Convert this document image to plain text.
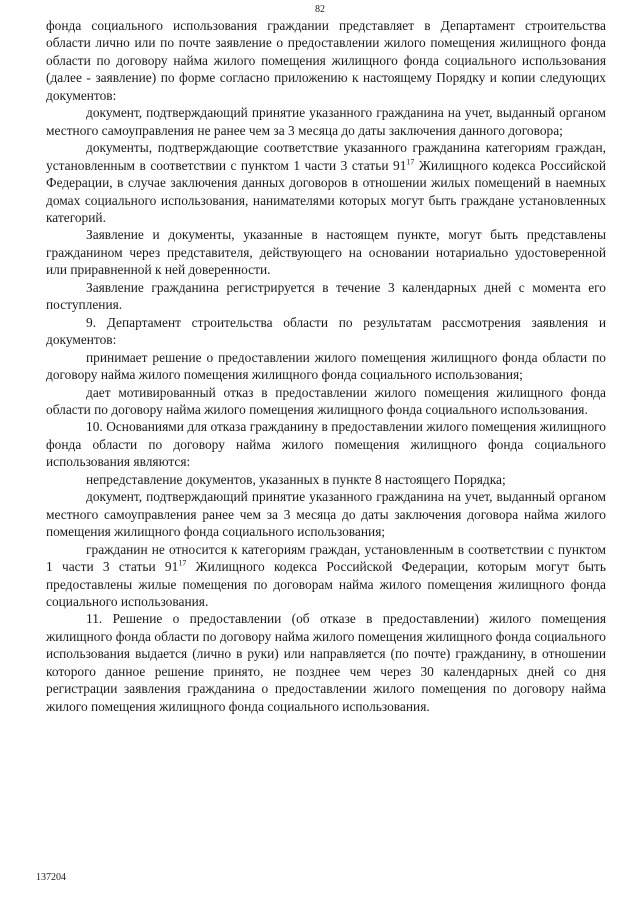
82

фонда социального использования граждании представляет в Департамент строительства области лично или по почте заявление о предоставлении жилого помещения жилищного фонда области по договору найма жилого помещения жилищного фонда социального использования (далее - заявление) по форме согласно приложению к настоящему Порядку и копии следующих документов:

документ, подтверждающий принятие указанного гражданина на учет, выданный органом местного самоуправления не ранее чем за 3 месяца до даты заключения данного договора;

документы, подтверждающие соответствие указанного гражданина категориям граждан, установленным в соответствии с пунктом 1 части 3 статьи $91^{17}$ Жилищного кодекса Российской Федерации, в случае заключения данных договоров в отношении жилых помещений в наемных домах социального использования, нанимателями которых могут быть граждане установленных категорий.

Заявление и документы, указанные в настоящем пункте, могут быть представлены гражданином через представителя, действующего на основании нотариально удостоверенной или приравненной к ней доверенности.

Заявление гражданина регистрируется в течение 3 календарных дней с момента его поступления.

9. Департамент строительства области по результатам рассмотрения заявления и документов:

принимает решение о предоставлении жилого помещения жилищного фонда области по договору найма жилого помещения жилищного фонда социального использования;

дает мотивированный отказ в предоставлении жилого помещения жилищного фонда области по договору найма жилого помещения жилищного фонда социального использования.

10. Основаниями для отказа гражданину в предоставлении жилого помещения жилищного фонда области по договору найма жилого помещения жилищного фонда социального использования являются:

непредставление документов, указанных в пункте 8 настоящего Порядка;

документ, подтверждающий принятие указанного гражданина на учет, выданный органом местного самоуправления ранее чем за 3 месяца до даты заключения договора найма жилого помещения жилищного фонда социального использования;

гражданин не относится к категориям граждан, установленным в соответствии с пунктом 1 части 3 статьи $91^{17}$ Жилищного кодекса Российской Федерации, которым могут быть предоставлены жилые помещения по договорам найма жилого помещения жилищного фонда социального использования.

11. Решение о предоставлении (об отказе в предоставлении) жилого помещения жилищного фонда области по договору найма жилого помещения жилищного фонда социального использования выдается (лично в руки) или направляется (по почте) гражданину, в отношении которого данное решение принято, не позднее чем через 30 календарных дней со дня регистрации заявления гражданина о предоставлении жилого помещения по договору найма жилого помещения жилищного фонда социального использования.

137204
